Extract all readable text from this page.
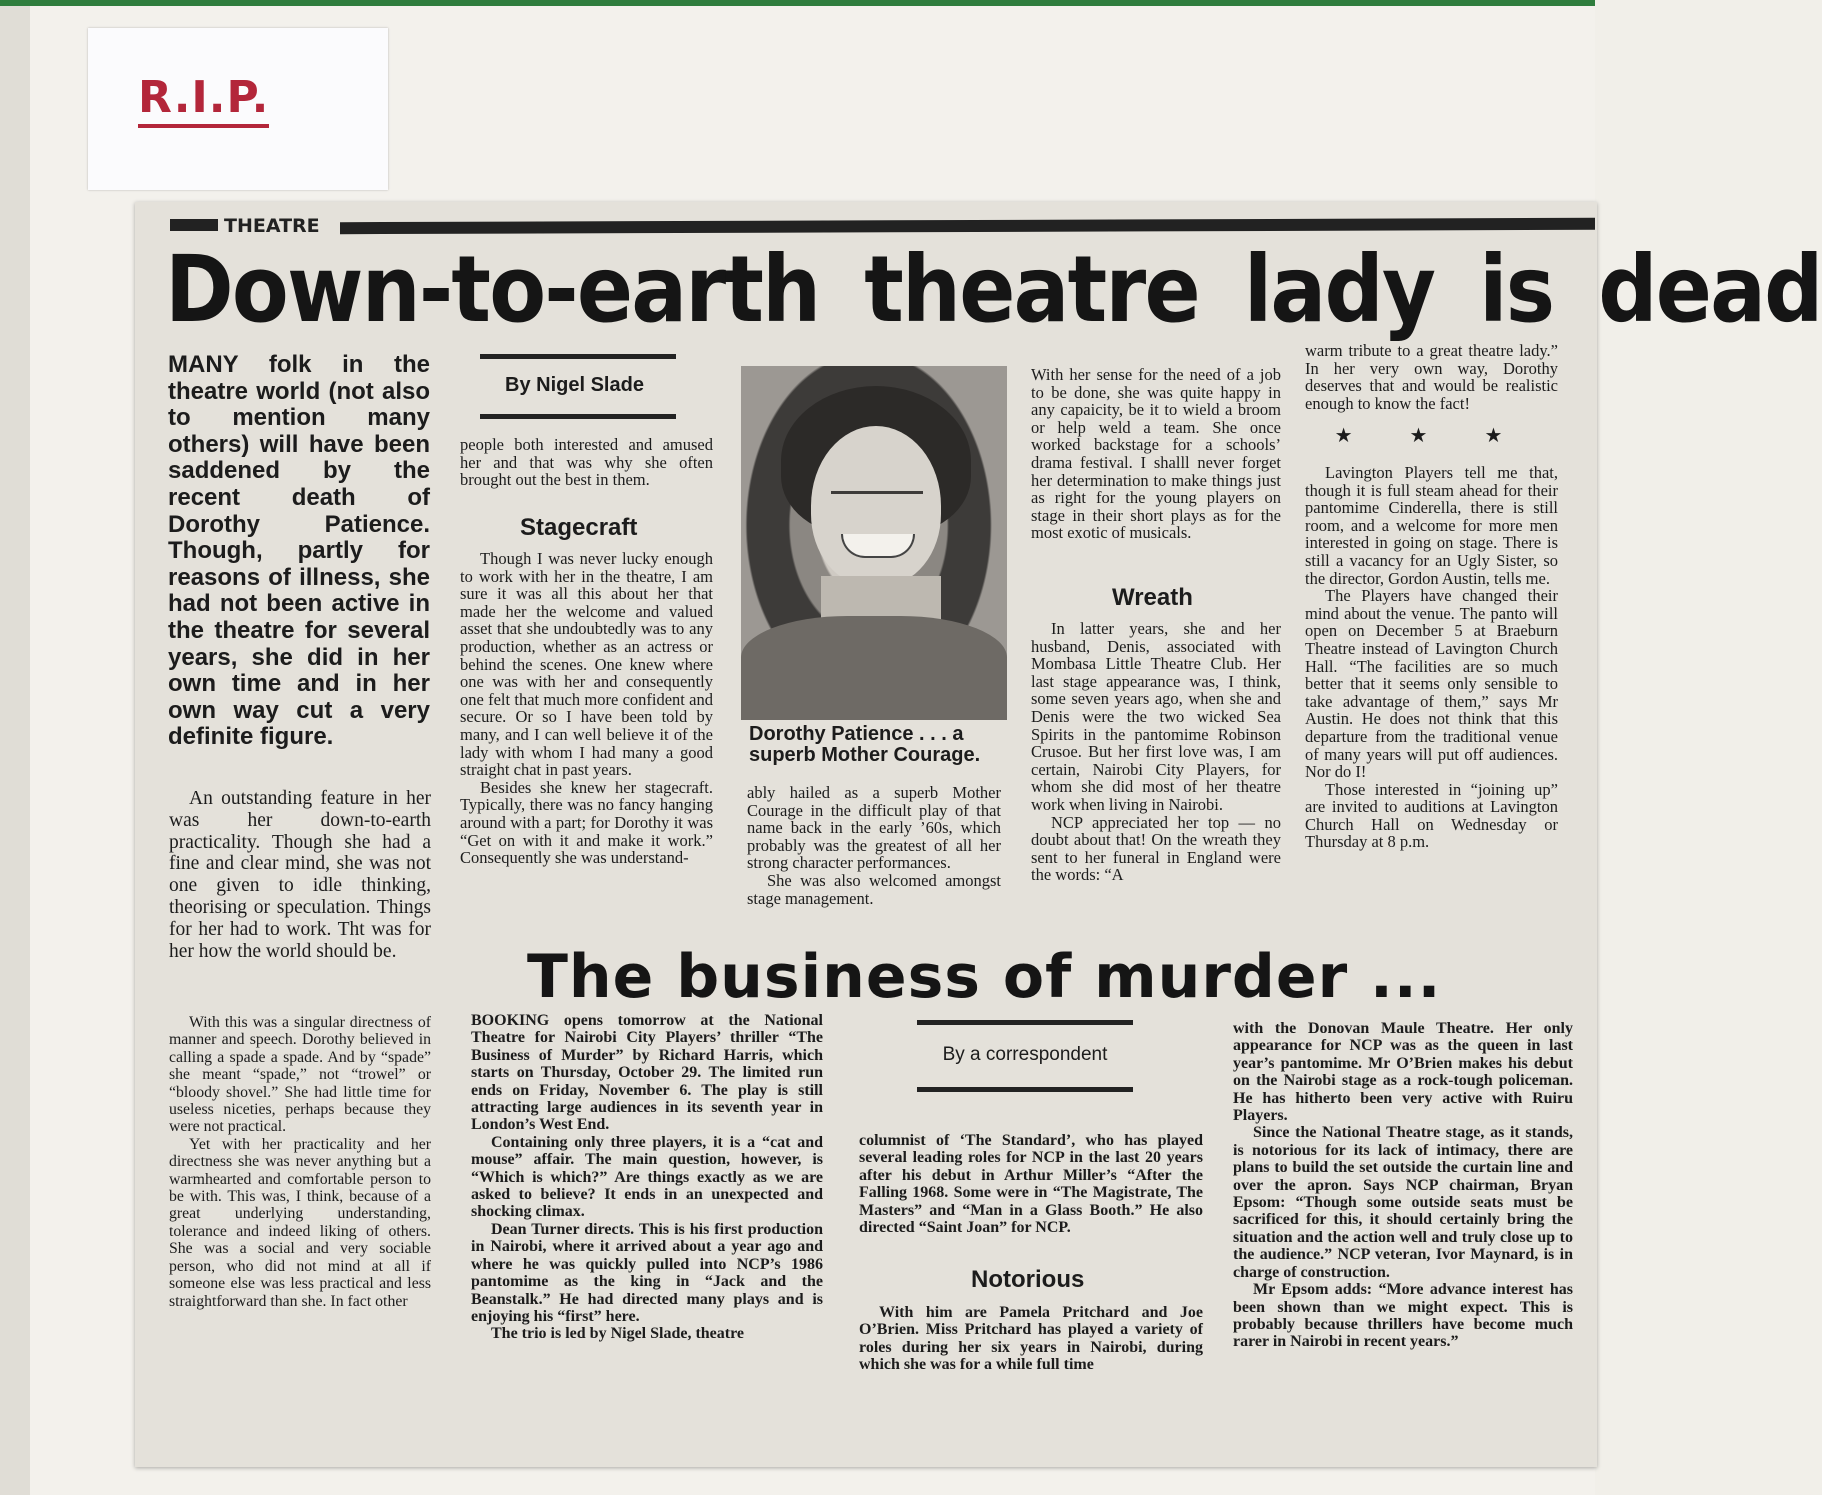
R.I.P.
THEATRE
Down-to-earth theatre lady is dead
MANY folk in the theatre world (not also to mention many others) will have been saddened by the recent death of Dorothy Patience. Though, partly for reasons of illness, she had not been active in the theatre for several years, she did in her own time and in her own way cut a very definite figure.

An outstanding feature in her was her down-to-earth practicality. Though she had a fine and clear mind, she was not one given to idle thinking, theorising or speculation. Things for her had to work. Tht was for her how the world should be.

With this was a singular directness of manner and speech. Dorothy believed in calling a spade a spade. And by “spade” she meant “spade,” not “trowel” or “bloody shovel.” She had little time for useless niceties, perhaps because they were not practical.

Yet with her practicality and her directness she was never anything but a warmhearted and comfortable person to be with. This was, I think, because of a great underlying understanding, tolerance and indeed liking of others. She was a social and very sociable person, who did not mind at all if someone else was less practical and less straightforward than she. In fact other

By Nigel Slade

people both interested and amused her and that was why she often brought out the best in them.

Stagecraft

Though I was never lucky enough to work with her in the theatre, I am sure it was all this about her that made her the welcome and valued asset that she undoubtedly was to any production, whether as an actress or behind the scenes. One knew where one was with her and consequently one felt that much more confident and secure. Or so I have been told by many, and I can well believe it of the lady with whom I had many a good straight chat in past years.

Besides she knew her stagecraft. Typically, there was no fancy hanging around with a part; for Dorothy it was “Get on with it and make it work.” Consequently she was understand-

Dorothy Patience . . . a superb Mother Courage.

ably hailed as a superb Mother Courage in the difficult play of that name back in the early ’60s, which probably was the greatest of all her strong character performances.

She was also welcomed amongst stage management.

With her sense for the need of a job to be done, she was quite happy in any capaicity, be it to wield a broom or help weld a team. She once worked backstage for a schools’ drama festival. I shalll never forget her determination to make things just as right for the young players on stage in their short plays as for the most exotic of musicals.

Wreath

In latter years, she and her husband, Denis, associated with Mombasa Little Theatre Club. Her last stage appearance was, I think, some seven years ago, when she and Denis were the two wicked Sea Spirits in the pantomime Robinson Crusoe. But her first love was, I am certain, Nairobi City Players, for whom she did most of her theatre work when living in Nairobi.

NCP appreciated her top — no doubt about that! On the wreath they sent to her funeral in England were the words: “A

warm tribute to a great theatre lady.” In her very own way, Dorothy deserves that and would be realistic enough to know the fact!

★ ★ ★

Lavington Players tell me that, though it is full steam ahead for their pantomime Cinderella, there is still room, and a welcome for more men interested in going on stage. There is still a vacancy for an Ugly Sister, so the director, Gordon Austin, tells me.

The Players have changed their mind about the venue. The panto will open on December 5 at Braeburn Theatre instead of Lavington Church Hall. “The facilities are so much better that it seems only sensible to take advantage of them,” says Mr Austin. He does not think that this departure from the traditional venue of many years will put off audiences. Nor do I!

Those interested in “joining up” are invited to auditions at Lavington Church Hall on Wednesday or Thursday at 8 p.m.

The business of murder ...

BOOKING opens tomorrow at the National Theatre for Nairobi City Players’ thriller “The Business of Murder” by Richard Harris, which starts on Thursday, October 29. The limited run ends on Friday, November 6. The play is still attracting large audiences in its seventh year in London’s West End.

Containing only three players, it is a “cat and mouse” affair. The main question, however, is “Which is which?” Are things exactly as we are asked to believe? It ends in an unexpected and shocking climax.

Dean Turner directs. This is his first production in Nairobi, where it arrived about a year ago and where he was quickly pulled into NCP’s 1986 pantomime as the king in “Jack and the Beanstalk.” He had directed many plays and is enjoying his “first” here.

The trio is led by Nigel Slade, theatre

By a correspondent

columnist of ‘The Standard’, who has played several leading roles for NCP in the last 20 years after his debut in Arthur Miller’s “After the Falling 1968. Some were in “The Magistrate, The Masters” and “Man in a Glass Booth.” He also directed “Saint Joan” for NCP.

Notorious

With him are Pamela Pritchard and Joe O’Brien. Miss Pritchard has played a variety of roles during her six years in Nairobi, during which she was for a while full time

with the Donovan Maule Theatre. Her only appearance for NCP was as the queen in last year’s pantomime. Mr O’Brien makes his debut on the Nairobi stage as a rock-tough policeman. He has hitherto been very active with Ruiru Players.

Since the National Theatre stage, as it stands, is notorious for its lack of intimacy, there are plans to build the set outside the curtain line and over the apron. Says NCP chairman, Bryan Epsom: “Though some outside seats must be sacrificed for this, it should certainly bring the situation and the action well and truly close up to the audience.” NCP veteran, Ivor Maynard, is in charge of construction.

Mr Epsom adds: “More advance interest has been shown than we might expect. This is probably because thrillers have become much rarer in Nairobi in recent years.”
